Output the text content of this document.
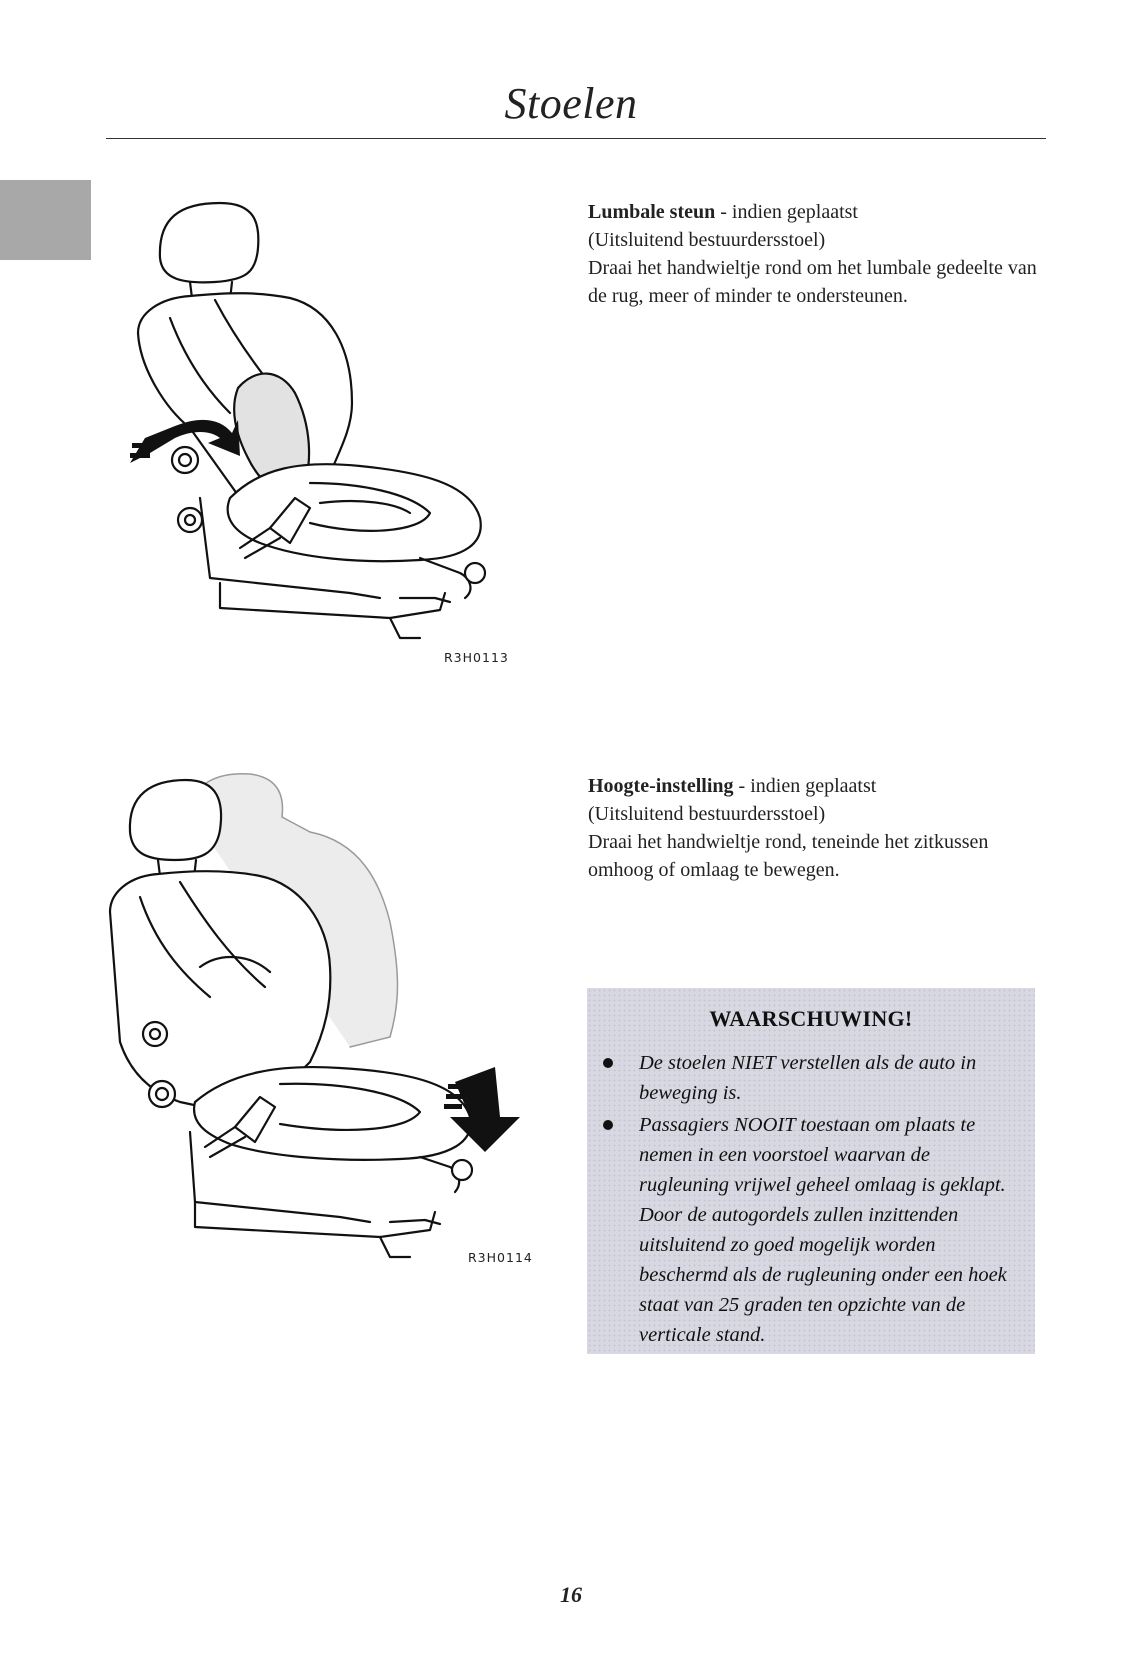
Stoelen
R3H0113
R3H0114

Lumbale steun - indien geplaatst

(Uitsluitend bestuurdersstoel)

Draai het handwieltje rond om het lumbale gedeelte van de rug, meer of minder te ondersteunen.

Hoogte-instelling - indien geplaatst

(Uitsluitend bestuurdersstoel)

Draai het handwieltje rond, teneinde het zitkussen omhoog of omlaag te bewegen.

WAARSCHUWING!
De stoelen NIET verstellen als de auto in beweging is.
Passagiers NOOIT toestaan om plaats te nemen in een voorstoel waarvan de rugleuning vrijwel geheel omlaag is geklapt. Door de autogordels zullen inzittenden uitsluitend zo goed mogelijk worden beschermd als de rugleuning onder een hoek staat van 25 graden ten opzichte van de verticale stand.
16
